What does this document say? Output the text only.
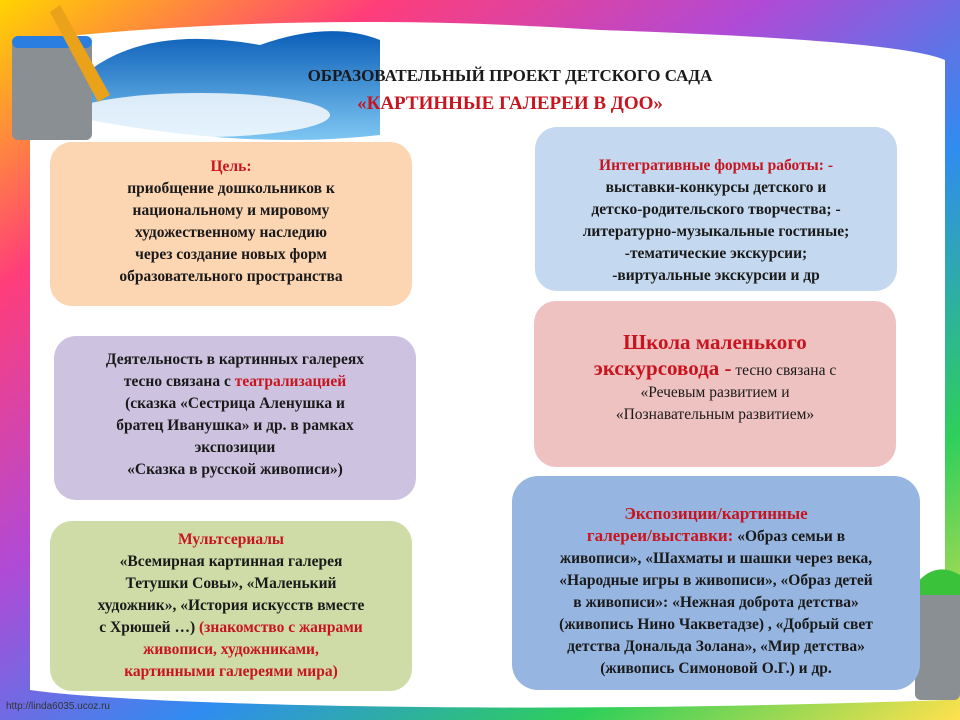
ОБРАЗОВАТЕЛЬНЫЙ ПРОЕКТ ДЕТСКОГО САДА
«КАРТИННЫЕ ГАЛЕРЕИ В ДОО»
Цель:
приобщение дошкольников к
национальному и мировому
художественному наследию
через создание новых форм
образовательного пространства
Интегративные формы работы: -
выставки-конкурсы детского и
детско-родительского творчества; -
литературно-музыкальные гостиные;
-тематические экскурсии;
-виртуальные экскурсии и др
Деятельность в картинных галереях
тесно связана с театрализацией
(сказка «Сестрица Аленушка и
братец Иванушка» и др. в рамках
экспозиции
«Сказка в русской живописи»)
Школа маленького
экскурсовода - тесно связана с
«Речевым развитием и
«Познавательным развитием»
Мультсериалы
«Всемирная картинная галерея
Тетушки Совы», «Маленький
художник», «История искусств вместе
с Хрюшей …) (знакомство с жанрами
живописи, художниками,
картинными галереями мира)
Экспозиции/картинные
галереи/выставки: «Образ семьи в
живописи», «Шахматы и шашки через века,
«Народные игры в живописи», «Образ детей
в живописи»: «Нежная доброта детства»
(живопись Нино Чакветадзе) , «Добрый свет
детства Дональда Золана», «Мир детства»
(живопись Симоновой О.Г.) и др.
http://linda6035.ucoz.ru
